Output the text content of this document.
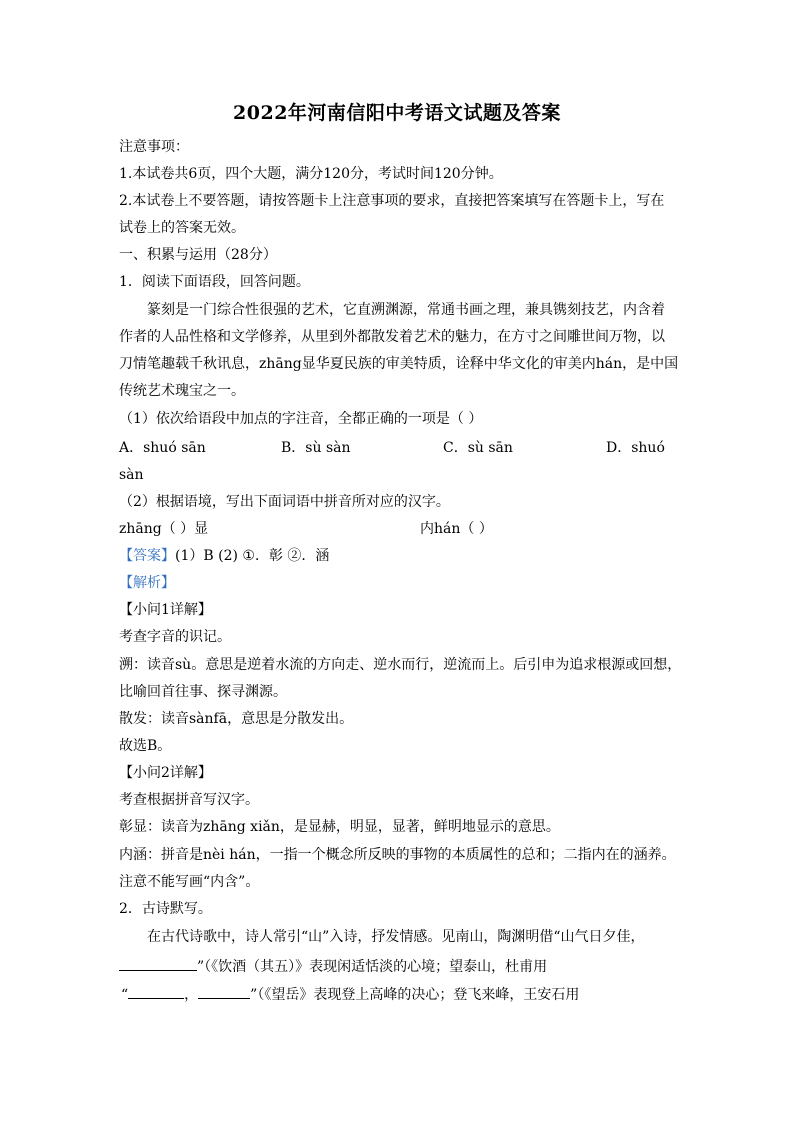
2022年河南信阳中考语文试题及答案
注意事项：
1.本试卷共6页，四个大题，满分120分，考试时间120分钟。
2.本试卷上不要答题，请按答题卡上注意事项的要求，直接把答案填写在答题卡上，写在
试卷上的答案无效。
一、积累与运用（28分）
1．阅读下面语段，回答问题。
篆刻是一门综合性很强的艺术，它直溯渊源，常通书画之理，兼具镌刻技艺，内含着
作者的人品性格和文学修养，从里到外都散发着艺术的魅力，在方寸之间雕世间万物，以
刀情笔趣载千秋讯息，zhāng显华夏民族的审美特质，诠释中华文化的审美内hán，是中国
传统艺术瑰宝之一。
（1）依次给语段中加点的字注音，全都正确的一项是（ ）
A．shuó sān	B．sù sàn	C．sù sān	D．shuó
sàn
（2）根据语境，写出下面词语中拼音所对应的汉字。
zhāng（ ）显	内hán（ ）
【答案】(1）B (2) ①．彰 ②．涵
【解析】
【小问1详解】
考查字音的识记。
溯：读音sù。意思是逆着水流的方向走、逆水而行，逆流而上。后引申为追求根源或回想，
比喻回首往事、探寻渊源。
散发：读音sànfā，意思是分散发出。
故选B。
【小问2详解】
考查根据拼音写汉字。
彰显：读音为zhāng xiǎn，是显赫，明显，显著，鲜明地显示的意思。
内涵：拼音是nèi hán，一指一个概念所反映的事物的本质属性的总和；二指内在的涵养。
注意不能写画“内含”。
2．古诗默写。
在古代诗歌中，诗人常引“山”入诗，抒发情感。见南山，陶渊明借“山气日夕佳，
”（《饮酒（其五）》表现闲适恬淡的心境；望泰山，杜甫用
“	，	”（《望岳》表现登上高峰的决心；登飞来峰，王安石用
